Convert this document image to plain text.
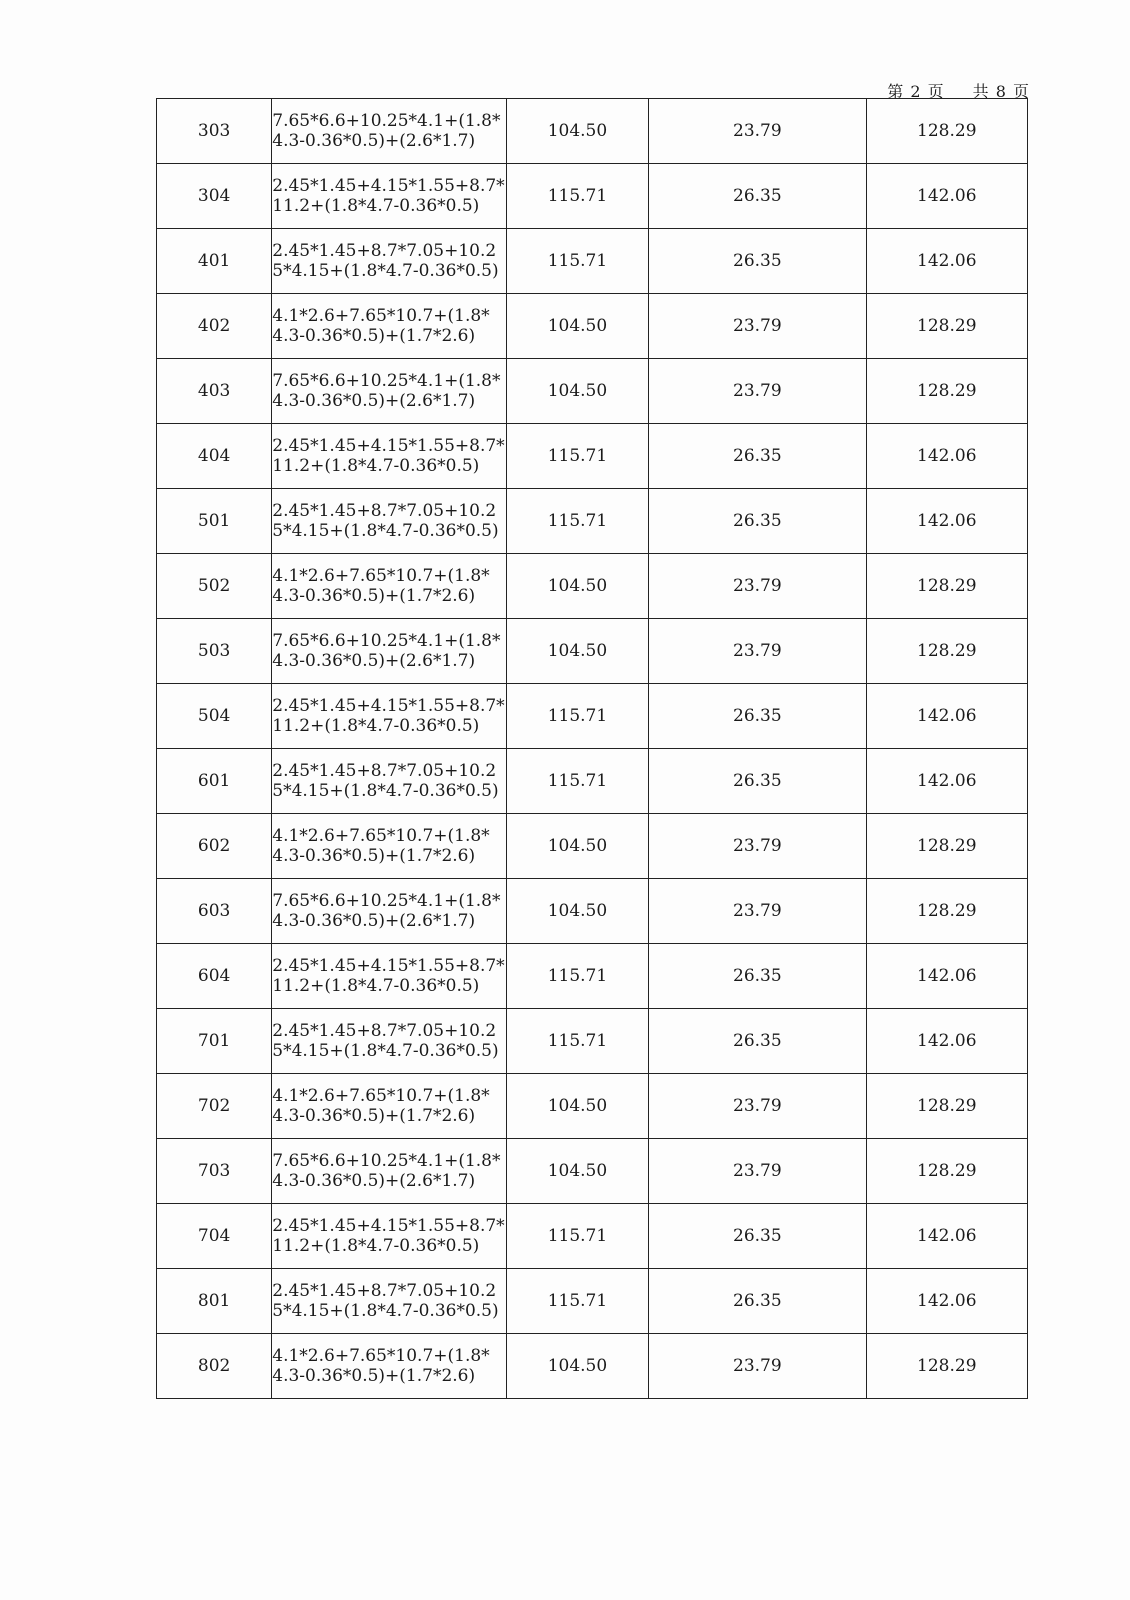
第 2 页 共 8 页

303	7.65*6.6+10.25*4.1+(1.8*4.3-0.36*0.5)+(2.6*1.7)	104.50	23.79	128.29
304	2.45*1.45+4.15*1.55+8.7*11.2+(1.8*4.7-0.36*0.5)	115.71	26.35	142.06
401	2.45*1.45+8.7*7.05+10.25*4.15+(1.8*4.7-0.36*0.5)	115.71	26.35	142.06
402	4.1*2.6+7.65*10.7+(1.8*4.3-0.36*0.5)+(1.7*2.6)	104.50	23.79	128.29
403	7.65*6.6+10.25*4.1+(1.8*4.3-0.36*0.5)+(2.6*1.7)	104.50	23.79	128.29
404	2.45*1.45+4.15*1.55+8.7*11.2+(1.8*4.7-0.36*0.5)	115.71	26.35	142.06
501	2.45*1.45+8.7*7.05+10.25*4.15+(1.8*4.7-0.36*0.5)	115.71	26.35	142.06
502	4.1*2.6+7.65*10.7+(1.8*4.3-0.36*0.5)+(1.7*2.6)	104.50	23.79	128.29
503	7.65*6.6+10.25*4.1+(1.8*4.3-0.36*0.5)+(2.6*1.7)	104.50	23.79	128.29
504	2.45*1.45+4.15*1.55+8.7*11.2+(1.8*4.7-0.36*0.5)	115.71	26.35	142.06
601	2.45*1.45+8.7*7.05+10.25*4.15+(1.8*4.7-0.36*0.5)	115.71	26.35	142.06
602	4.1*2.6+7.65*10.7+(1.8*4.3-0.36*0.5)+(1.7*2.6)	104.50	23.79	128.29
603	7.65*6.6+10.25*4.1+(1.8*4.3-0.36*0.5)+(2.6*1.7)	104.50	23.79	128.29
604	2.45*1.45+4.15*1.55+8.7*11.2+(1.8*4.7-0.36*0.5)	115.71	26.35	142.06
701	2.45*1.45+8.7*7.05+10.25*4.15+(1.8*4.7-0.36*0.5)	115.71	26.35	142.06
702	4.1*2.6+7.65*10.7+(1.8*4.3-0.36*0.5)+(1.7*2.6)	104.50	23.79	128.29
703	7.65*6.6+10.25*4.1+(1.8*4.3-0.36*0.5)+(2.6*1.7)	104.50	23.79	128.29
704	2.45*1.45+4.15*1.55+8.7*11.2+(1.8*4.7-0.36*0.5)	115.71	26.35	142.06
801	2.45*1.45+8.7*7.05+10.25*4.15+(1.8*4.7-0.36*0.5)	115.71	26.35	142.06
802	4.1*2.6+7.65*10.7+(1.8*4.3-0.36*0.5)+(1.7*2.6)	104.50	23.79	128.29
